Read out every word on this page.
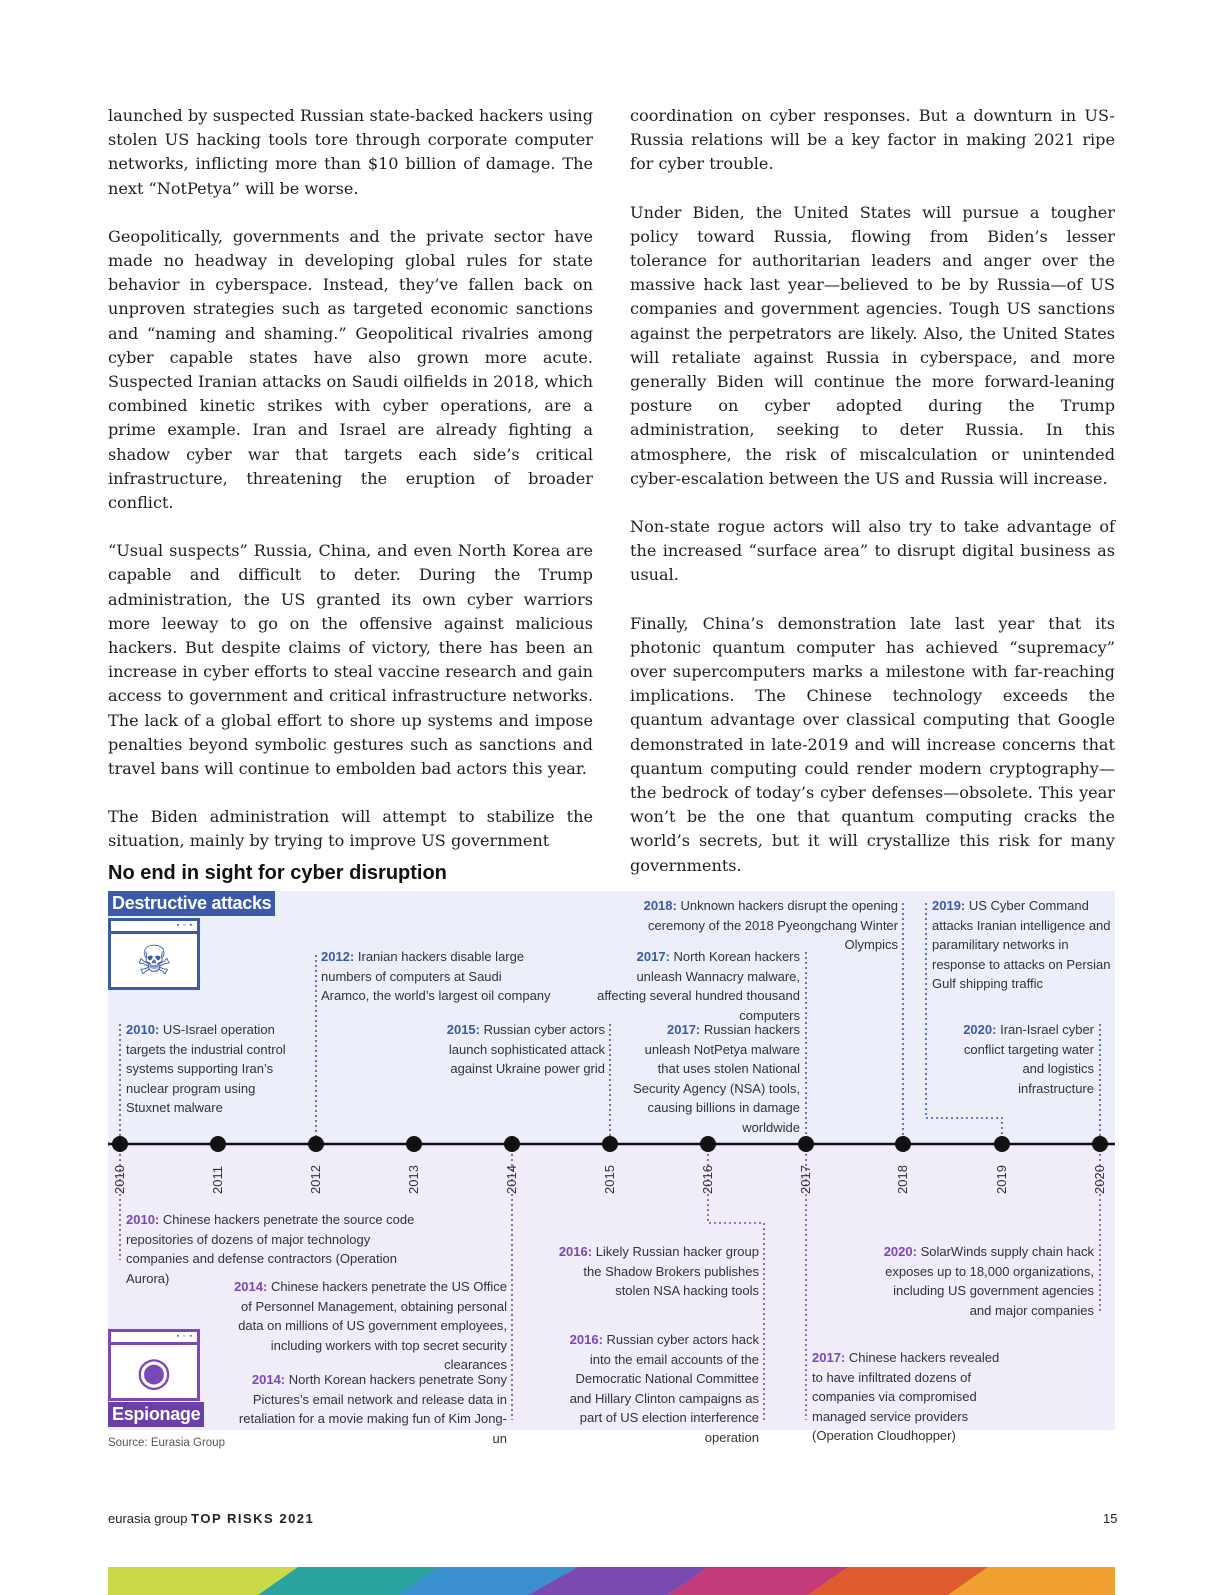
launched by suspected Russian state-backed hackers using stolen US hacking tools tore through corporate computer networks, inflicting more than $10 billion of damage. The next “NotPetya” will be worse.

Geopolitically, governments and the private sector have made no headway in developing global rules for state behavior in cyberspace. Instead, they’ve fallen back on unproven strategies such as targeted economic sanctions and “naming and shaming.” Geopolitical rivalries among cyber capable states have also grown more acute. Suspected Iranian attacks on Saudi oilfields in 2018, which combined kinetic strikes with cyber operations, are a prime example. Iran and Israel are already fighting a shadow cyber war that targets each side’s critical infrastructure, threatening the eruption of broader conflict.

“Usual suspects” Russia, China, and even North Korea are capable and difficult to deter. During the Trump administration, the US granted its own cyber warriors more leeway to go on the offensive against malicious hackers. But despite claims of victory, there has been an increase in cyber efforts to steal vaccine research and gain access to government and critical infrastructure networks. The lack of a global effort to shore up systems and impose penalties beyond symbolic gestures such as sanctions and travel bans will continue to embolden bad actors this year.

The Biden administration will attempt to stabilize the situation, mainly by trying to improve US government

coordination on cyber responses. But a downturn in US-Russia relations will be a key factor in making 2021 ripe for cyber trouble.

Under Biden, the United States will pursue a tougher policy toward Russia, flowing from Biden’s lesser tolerance for authoritarian leaders and anger over the massive hack last year—believed to be by Russia—of US companies and government agencies. Tough US sanctions against the perpetrators are likely. Also, the United States will retaliate against Russia in cyberspace, and more generally Biden will continue the more forward-leaning posture on cyber adopted during the Trump administration, seeking to deter Russia. In this atmosphere, the risk of miscalculation or unintended cyber-escalation between the US and Russia will increase.

Non-state rogue actors will also try to take advantage of the increased “surface area” to disrupt digital business as usual.

Finally, China’s demonstration late last year that its photonic quantum computer has achieved “supremacy” over supercomputers marks a milestone with far-reaching implications. The Chinese technology exceeds the quantum advantage over classical computing that Google demonstrated in late-2019 and will increase concerns that quantum computing could render modern cryptography—the bedrock of today’s cyber defenses—obsolete. This year won’t be the one that quantum computing cracks the world’s secrets, but it will crystallize this risk for many governments.

No end in sight for cyber disruption
Destructive attacks
▪ ▫ ▪
☠
▪ ▫ ▪
◉
Espionage
2010	2011	2012	2013	2014	2015	2016	2017	2018	2019	2020
2010: US-Israel operation targets the industrial control systems supporting Iran’s nuclear program using Stuxnet malware
2012: Iranian hackers disable large numbers of computers at Saudi Aramco, the world’s largest oil company
2015: Russian cyber actors launch sophisticated attack against Ukraine power grid
2017: North Korean hackers unleash Wannacry malware, affecting several hundred thousand computers
2017: Russian hackers unleash NotPetya malware that uses stolen National Security Agency (NSA) tools, causing billions in damage worldwide
2018: Unknown hackers disrupt the opening ceremony of the 2018 Pyeongchang Winter Olympics
2019: US Cyber Command attacks Iranian intelligence and paramilitary networks in response to attacks on Persian Gulf shipping traffic
2020: Iran-Israel cyber conflict targeting water and logistics infrastructure
2010: Chinese hackers penetrate the source code repositories of dozens of major technology companies and defense contractors (Operation Aurora)
2014: Chinese hackers penetrate the US Office of Personnel Management, obtaining personal data on millions of US government employees, including workers with top secret security clearances
2014: North Korean hackers penetrate Sony Pictures’s email network and release data in retaliation for a movie making fun of Kim Jong-un
2016: Likely Russian hacker group the Shadow Brokers publishes stolen NSA hacking tools
2016: Russian cyber actors hack into the email accounts of the Democratic National Committee and Hillary Clinton campaigns as part of US election interference operation
2017: Chinese hackers revealed to have infiltrated dozens of companies via compromised managed service providers (Operation Cloudhopper)
2020: SolarWinds supply chain hack exposes up to 18,000 organizations, including US government agencies and major companies
Source: Eurasia Group
eurasia group TOP RISKS 2021	15
